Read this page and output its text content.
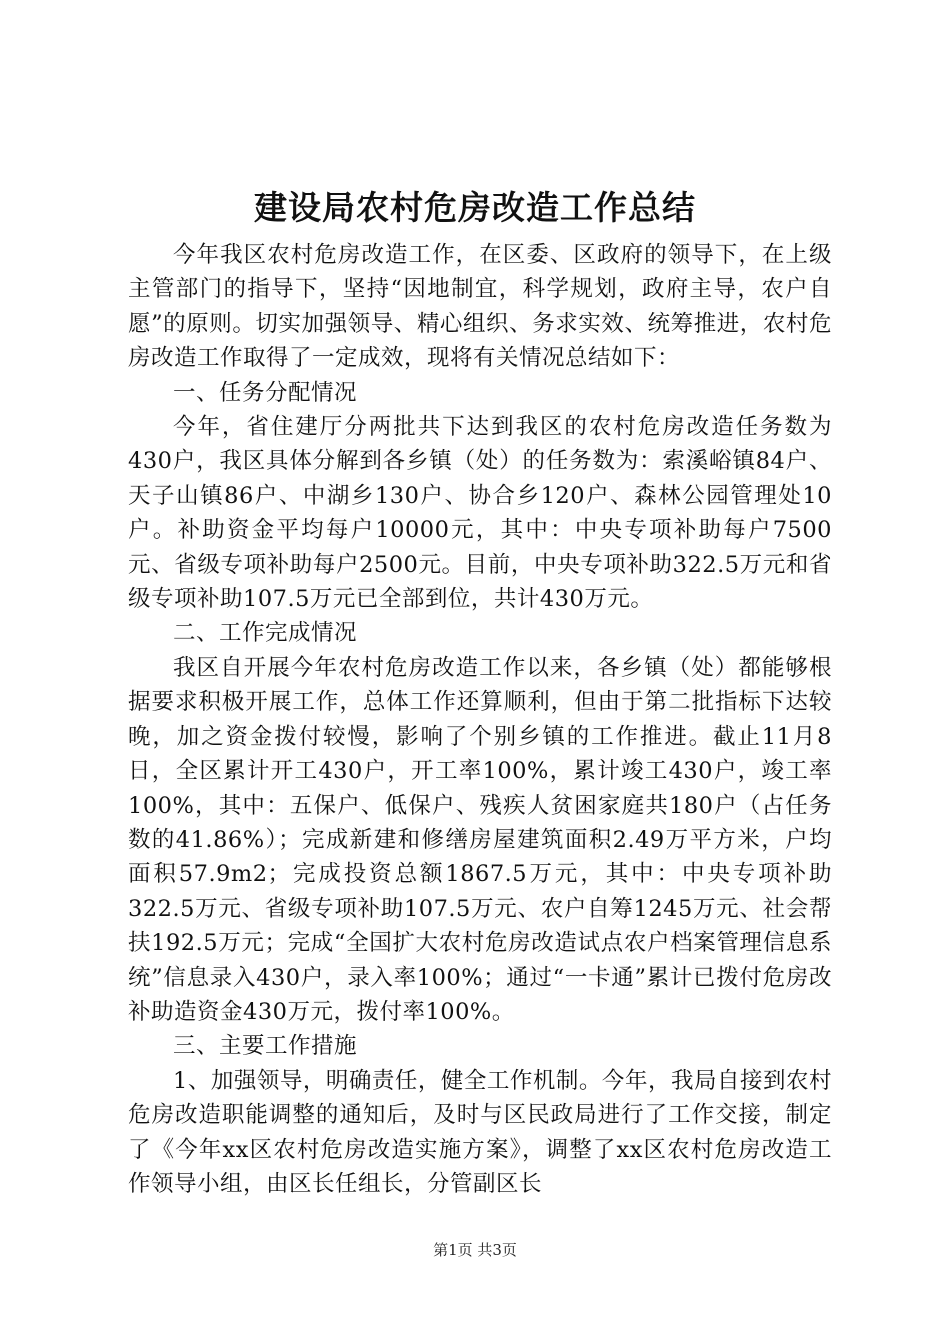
建设局农村危房改造工作总结

今年我区农村危房改造工作，在区委、区政府的领导下，在上级主管部门的指导下，坚持“因地制宜，科学规划，政府主导，农户自愿”的原则。切实加强领导、精心组织、务求实效、统筹推进，农村危房改造工作取得了一定成效，现将有关情况总结如下：

一、任务分配情况

今年，省住建厅分两批共下达到我区的农村危房改造任务数为430户，我区具体分解到各乡镇（处）的任务数为：索溪峪镇84户、天子山镇86户、中湖乡130户、协合乡120户、森林公园管理处10户。补助资金平均每户10000元，其中：中央专项补助每户7500元、省级专项补助每户2500元。目前，中央专项补助322.5万元和省级专项补助107.5万元已全部到位，共计430万元。

二、工作完成情况

我区自开展今年农村危房改造工作以来，各乡镇（处）都能够根据要求积极开展工作，总体工作还算顺利，但由于第二批指标下达较晚，加之资金拨付较慢，影响了个别乡镇的工作推进。截止11月8日，全区累计开工430户，开工率100%，累计竣工430户，竣工率100%，其中：五保户、低保户、残疾人贫困家庭共180户（占任务数的41.86%）；完成新建和修缮房屋建筑面积2.49万平方米，户均面积57.9m2；完成投资总额1867.5万元，其中：中央专项补助322.5万元、省级专项补助107.5万元、农户自筹1245万元、社会帮扶192.5万元；完成“全国扩大农村危房改造试点农户档案管理信息系统”信息录入430户，录入率100%；通过“一卡通”累计已拨付危房改补助造资金430万元，拨付率100%。

三、主要工作措施

1、加强领导，明确责任，健全工作机制。今年，我局自接到农村危房改造职能调整的通知后，及时与区民政局进行了工作交接，制定了《今年xx区农村危房改造实施方案》，调整了xx区农村危房改造工作领导小组，由区长任组长，分管副区长

第1页 共3页
